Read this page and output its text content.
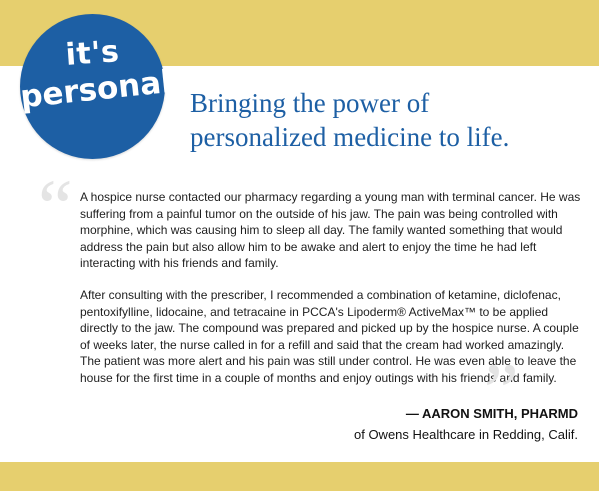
it's
personal Bringing the power of
personalized medicine to life.
“ A hospice nurse contacted our pharmacy regarding a young man with terminal cancer. He was suffering from a painful tumor on the outside of his jaw. The pain was being controlled with morphine, which was causing him to sleep all day. The family wanted something that would address the pain but also allow him to be awake and alert to enjoy the time he had left interacting with his friends and family.

After consulting with the prescriber, I recommended a combination of ketamine, diclofenac, pentoxifylline, lidocaine, and tetracaine in PCCA's Lipoderm® ActiveMax™ to be applied directly to the jaw. The compound was prepared and picked up by the hospice nurse. A couple of weeks later, the nurse called in for a refill and said that the cream had worked amazingly. The patient was more alert and his pain was still under control. He was even able to leave the house for the first time in a couple of months and enjoy outings with his friends and family.

”
— AARON SMITH, PHARMD
of Owens Healthcare in Redding, Calif.
